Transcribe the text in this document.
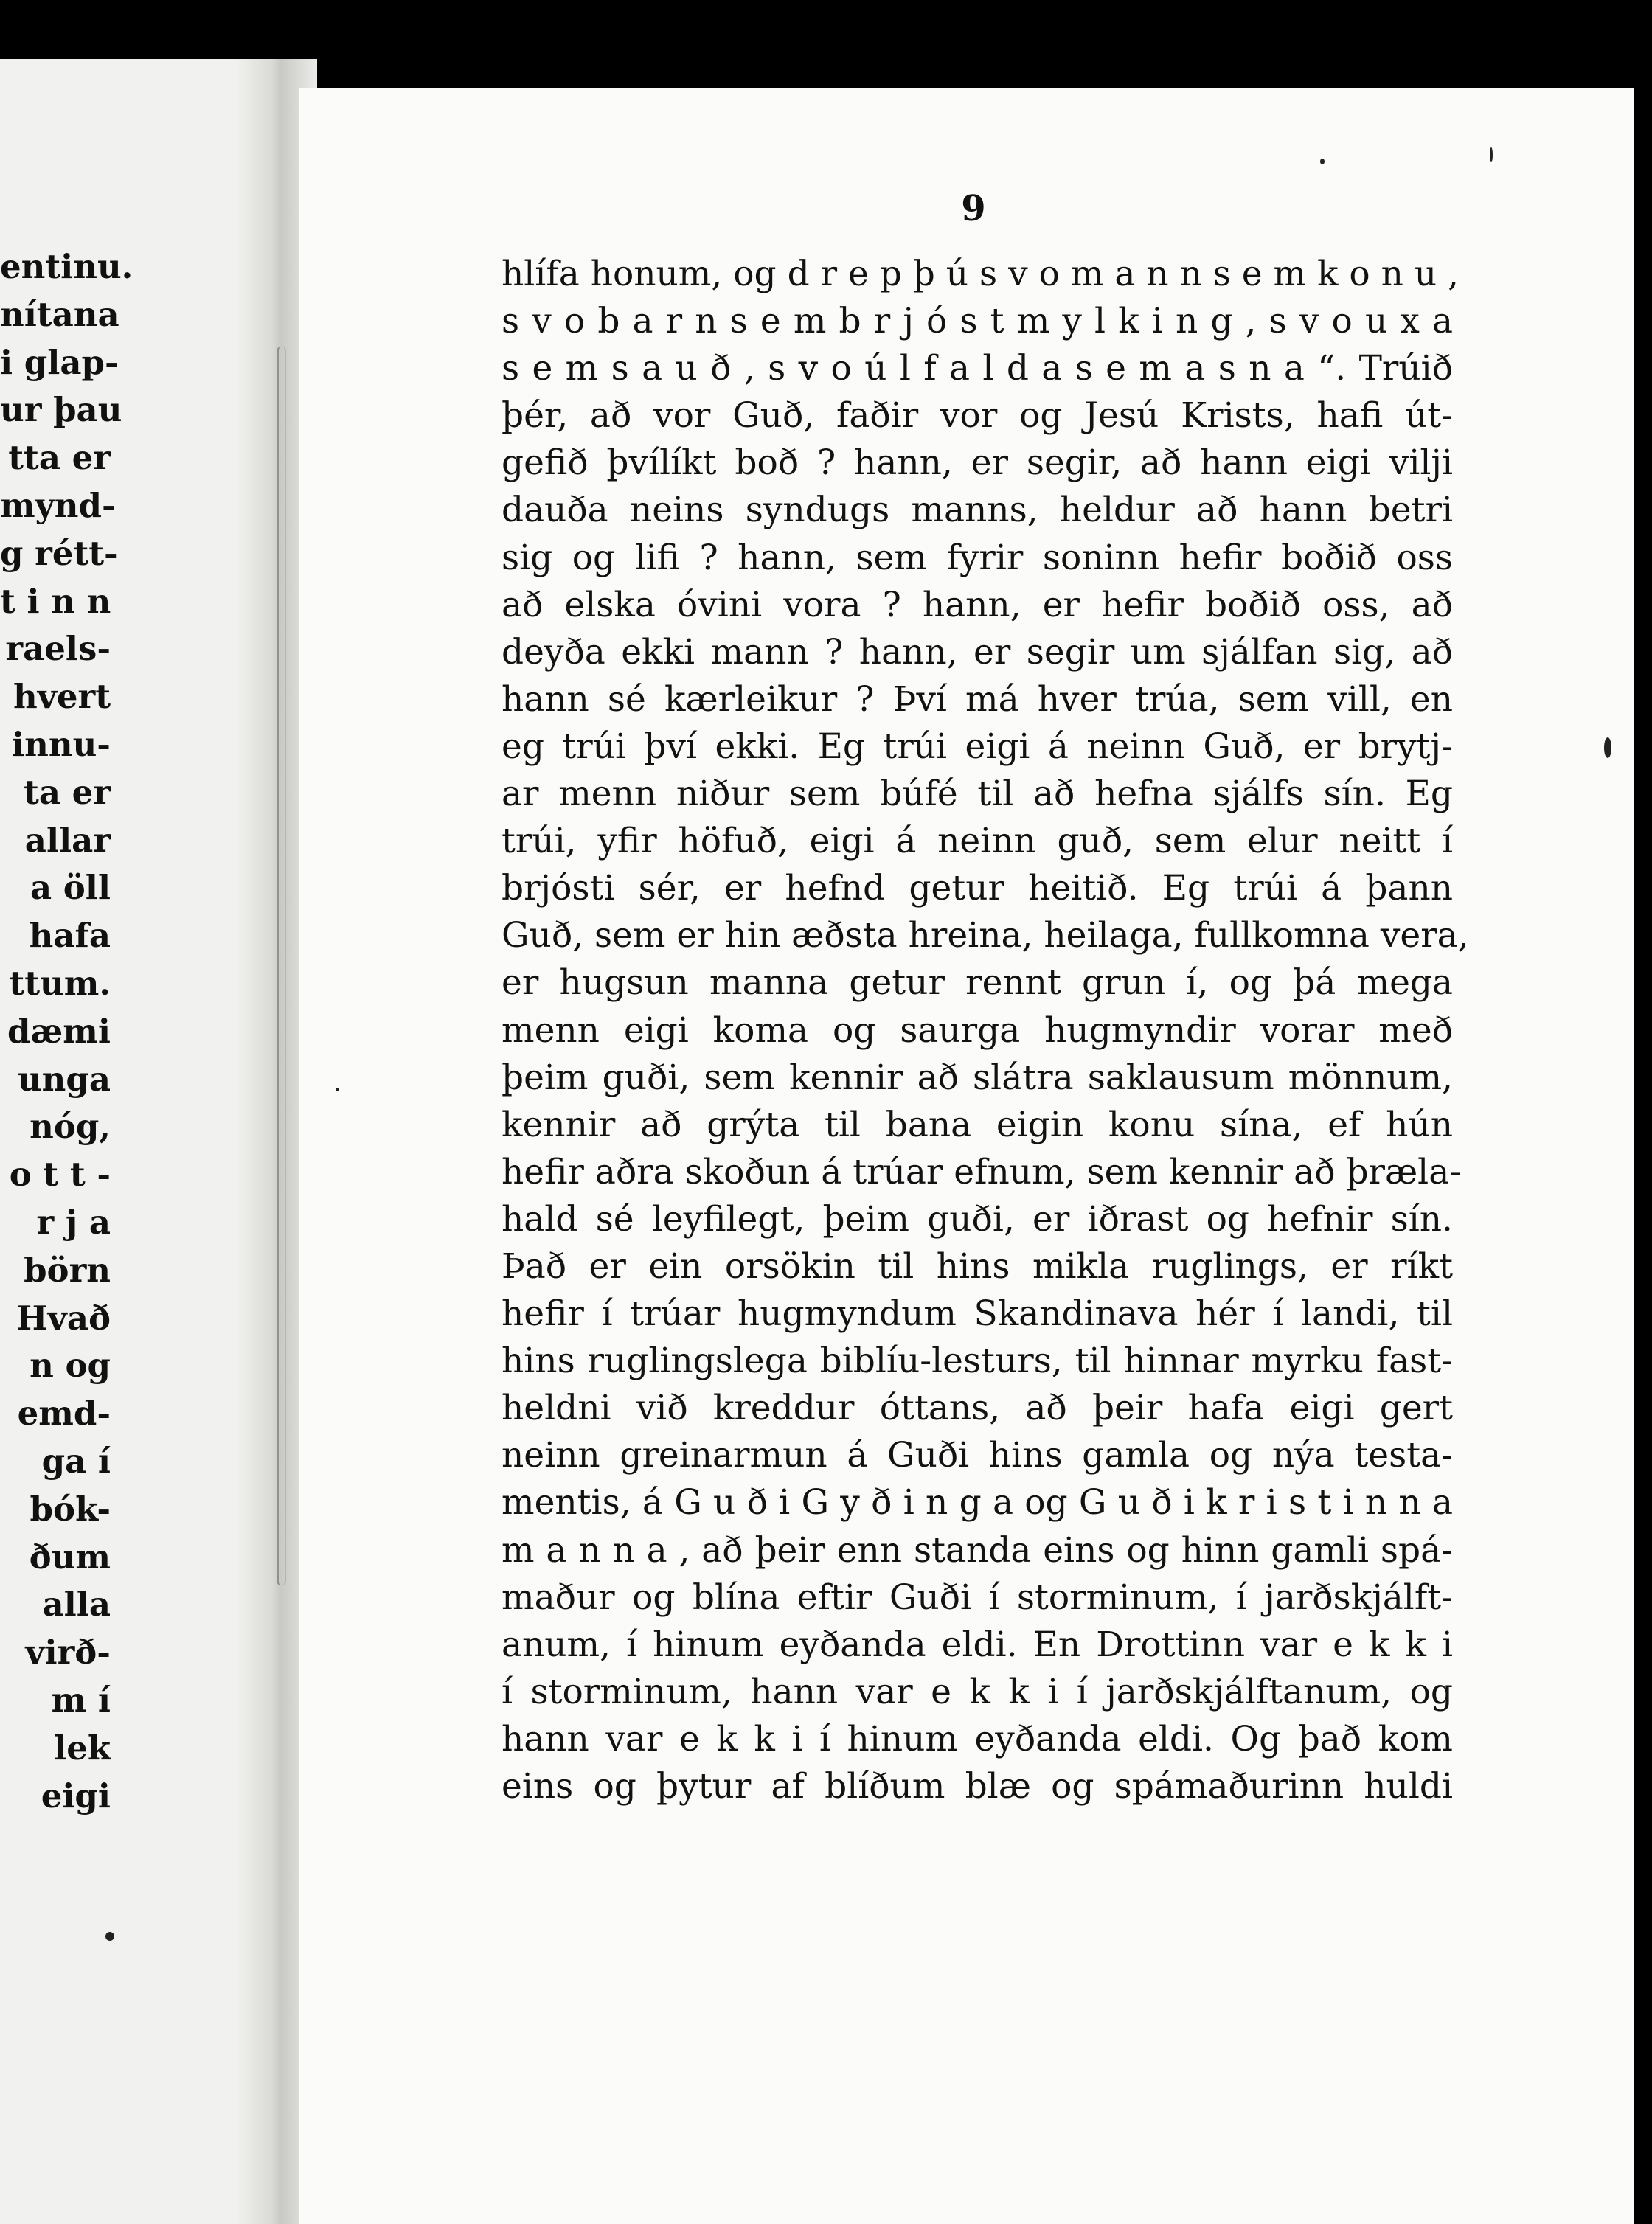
entinu.
nítana
i glap-
ur þau
tta er
mynd-
g rétt-
t i n n
raels-
hvert
innu-
ta er
allar
a öll
hafa
ttum.
dæmi
unga
nóg,
o t t -
r j a
börn
Hvað
n og
emd-
ga í
bók-
ðum
alla
virð-
m í
lek
eigi
9
hlífa honum, og d r e p þ ú s v o m a n n s e m k o n u ,
s v o b a r n s e m b r j ó s t m y l k i n g , s v o u x a
s e m s a u ð , s v o ú l f a l d a s e m a s n a “. Trúið
þér, að vor Guð, faðir vor og Jesú Krists, hafi út-
gefið þvílíkt boð ? hann, er segir, að hann eigi vilji
dauða neins syndugs manns, heldur að hann betri
sig og lifi ? hann, sem fyrir soninn hefir boðið oss
að elska óvini vora ? hann, er hefir boðið oss, að
deyða ekki mann ? hann, er segir um sjálfan sig, að
hann sé kærleikur ? Því má hver trúa, sem vill, en
eg trúi því ekki. Eg trúi eigi á neinn Guð, er brytj-
ar menn niður sem búfé til að hefna sjálfs sín. Eg
trúi, yfir höfuð, eigi á neinn guð, sem elur neitt í
brjósti sér, er hefnd getur heitið. Eg trúi á þann
Guð, sem er hin æðsta hreina, heilaga, fullkomna vera,
er hugsun manna getur rennt grun í, og þá mega
menn eigi koma og saurga hugmyndir vorar með
þeim guði, sem kennir að slátra saklausum mönnum,
kennir að grýta til bana eigin konu sína, ef hún
hefir aðra skoðun á trúar efnum, sem kennir að þræla-
hald sé leyfilegt, þeim guði, er iðrast og hefnir sín.
Það er ein orsökin til hins mikla ruglings, er ríkt
hefir í trúar hugmyndum Skandinava hér í landi, til
hins ruglingslega biblíu-lesturs, til hinnar myrku fast-
heldni við kreddur óttans, að þeir hafa eigi gert
neinn greinarmun á Guði hins gamla og nýa testa-
mentis, á G u ð i G y ð i n g a og G u ð i k r i s t i n n a
m a n n a , að þeir enn standa eins og hinn gamli spá-
maður og blína eftir Guði í storminum, í jarðskjálft-
anum, í hinum eyðanda eldi. En Drottinn var e k k i
í storminum, hann var e k k i í jarðskjálftanum, og
hann var e k k i í hinum eyðanda eldi. Og það kom
eins og þytur af blíðum blæ og spámaðurinn huldi
